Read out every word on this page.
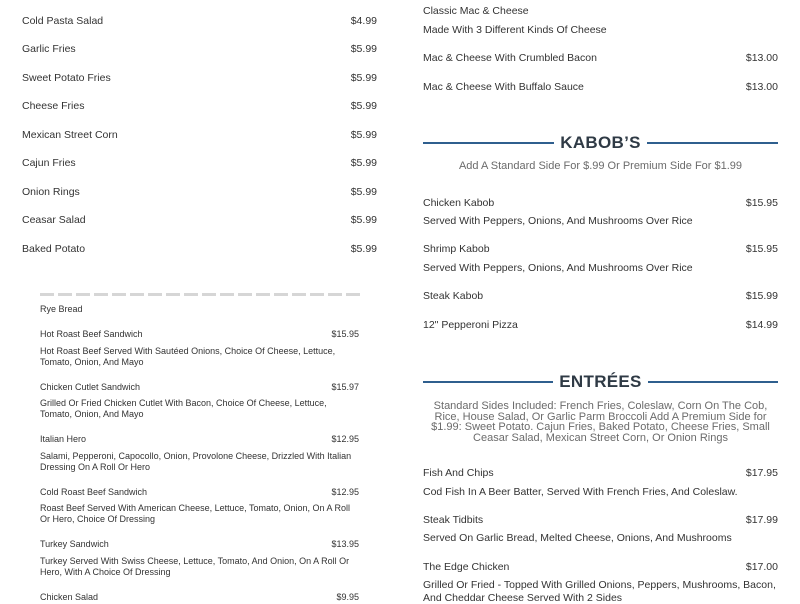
Cold Pasta Salad	$4.99
Garlic Fries	$5.99
Sweet Potato Fries	$5.99
Cheese Fries	$5.99
Mexican Street Corn	$5.99
Cajun Fries	$5.99
Onion Rings	$5.99
Ceasar Salad	$5.99
Baked Potato	$5.99
Rye Bread
Hot Roast Beef Sandwich	$15.95
Hot Roast Beef Served With Sautéed Onions, Choice Of Cheese, Lettuce, Tomato, Onion, And Mayo
Chicken Cutlet Sandwich	$15.97
Grilled Or Fried Chicken Cutlet With Bacon, Choice Of Cheese, Lettuce, Tomato, Onion, And Mayo
Italian Hero	$12.95
Salami, Pepperoni, Capocollo, Onion, Provolone Cheese, Drizzled With Italian Dressing On A Roll Or Hero
Cold Roast Beef Sandwich	$12.95
Roast Beef Served With American Cheese, Lettuce, Tomato, Onion, On A Roll Or Hero, Choice Of Dressing
Turkey Sandwich	$13.95
Turkey Served With Swiss Cheese, Lettuce, Tomato, And Onion, On A Roll Or Hero, With A Choice Of Dressing
Chicken Salad	$9.95
Classic Mac & Cheese
Made With 3 Different Kinds Of Cheese
Mac & Cheese With Crumbled Bacon	$13.00
Mac & Cheese With Buffalo Sauce	$13.00
KABOB’S
Add A Standard Side For $.99 Or Premium Side For $1.99
Chicken Kabob	$15.95
Served With Peppers, Onions, And Mushrooms Over Rice
Shrimp Kabob	$15.95
Served With Peppers, Onions, And Mushrooms Over Rice
Steak Kabob	$15.99
12" Pepperoni Pizza	$14.99
ENTRÉES
Standard Sides Included: French Fries, Coleslaw, Corn On The Cob, Rice, House Salad, Or Garlic Parm Broccoli Add A Premium Side for $1.99: Sweet Potato. Cajun Fries, Baked Potato, Cheese Fries, Small Ceasar Salad, Mexican Street Corn, Or Onion Rings
Fish And Chips	$17.95
Cod Fish In A Beer Batter, Served With French Fries, And Coleslaw.
Steak Tidbits	$17.99
Served On Garlic Bread, Melted Cheese, Onions, And Mushrooms
The Edge Chicken	$17.00
Grilled Or Fried - Topped With Grilled Onions, Peppers, Mushrooms, Bacon, And Cheddar Cheese Served With 2 Sides
